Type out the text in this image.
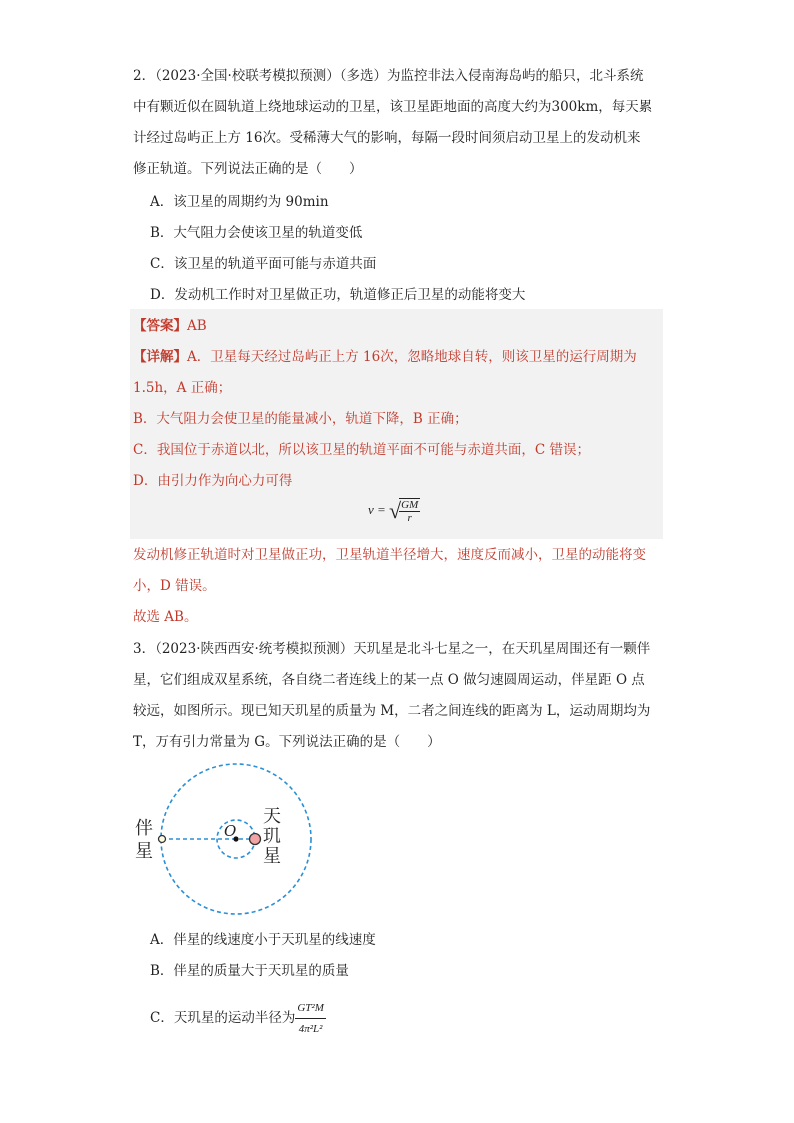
2．（2023·全国·校联考模拟预测）（多选）为监控非法入侵南海岛屿的船只，北斗系统
中有颗近似在圆轨道上绕地球运动的卫星，该卫星距地面的高度大约为300km，每天累
计经过岛屿正上方 16次。受稀薄大气的影响，每隔一段时间须启动卫星上的发动机来
修正轨道。下列说法正确的是（　　）
A．该卫星的周期约为 90min
B．大气阻力会使该卫星的轨道变低
C．该卫星的轨道平面可能与赤道共面
D．发动机工作时对卫星做正功，轨道修正后卫星的动能将变大
【答案】AB
【详解】A．卫星每天经过岛屿正上方 16次，忽略地球自转，则该卫星的运行周期为
1.5h，A 正确；
B．大气阻力会使卫星的能量减小，轨道下降，B 正确；
C．我国位于赤道以北，所以该卫星的轨道平面不可能与赤道共面，C 错误；
D．由引力作为向心力可得
v = √
$\frac{GM}{r}$
发动机修正轨道时对卫星做正功，卫星轨道半径增大，速度反而减小，卫星的动能将变
小，D 错误。
故选 AB。
3．（2023·陕西西安·统考模拟预测）天玑星是北斗七星之一，在天玑星周围还有一颗伴
星，它们组成双星系统，各自绕二者连线上的某一点 O 做匀速圆周运动，伴星距 O 点
较远，如图所示。现已知天玑星的质量为 M，二者之间连线的距离为 L，运动周期均为
T，万有引力常量为 G。下列说法正确的是（　　）
伴
星
O
天
玑
星
A．伴星的线速度小于天玑星的线速度
B．伴星的质量大于天玑星的质量
C．天玑星的运动半径为 $\frac{\text{GT²M}}{\text{4π²L²}}$
